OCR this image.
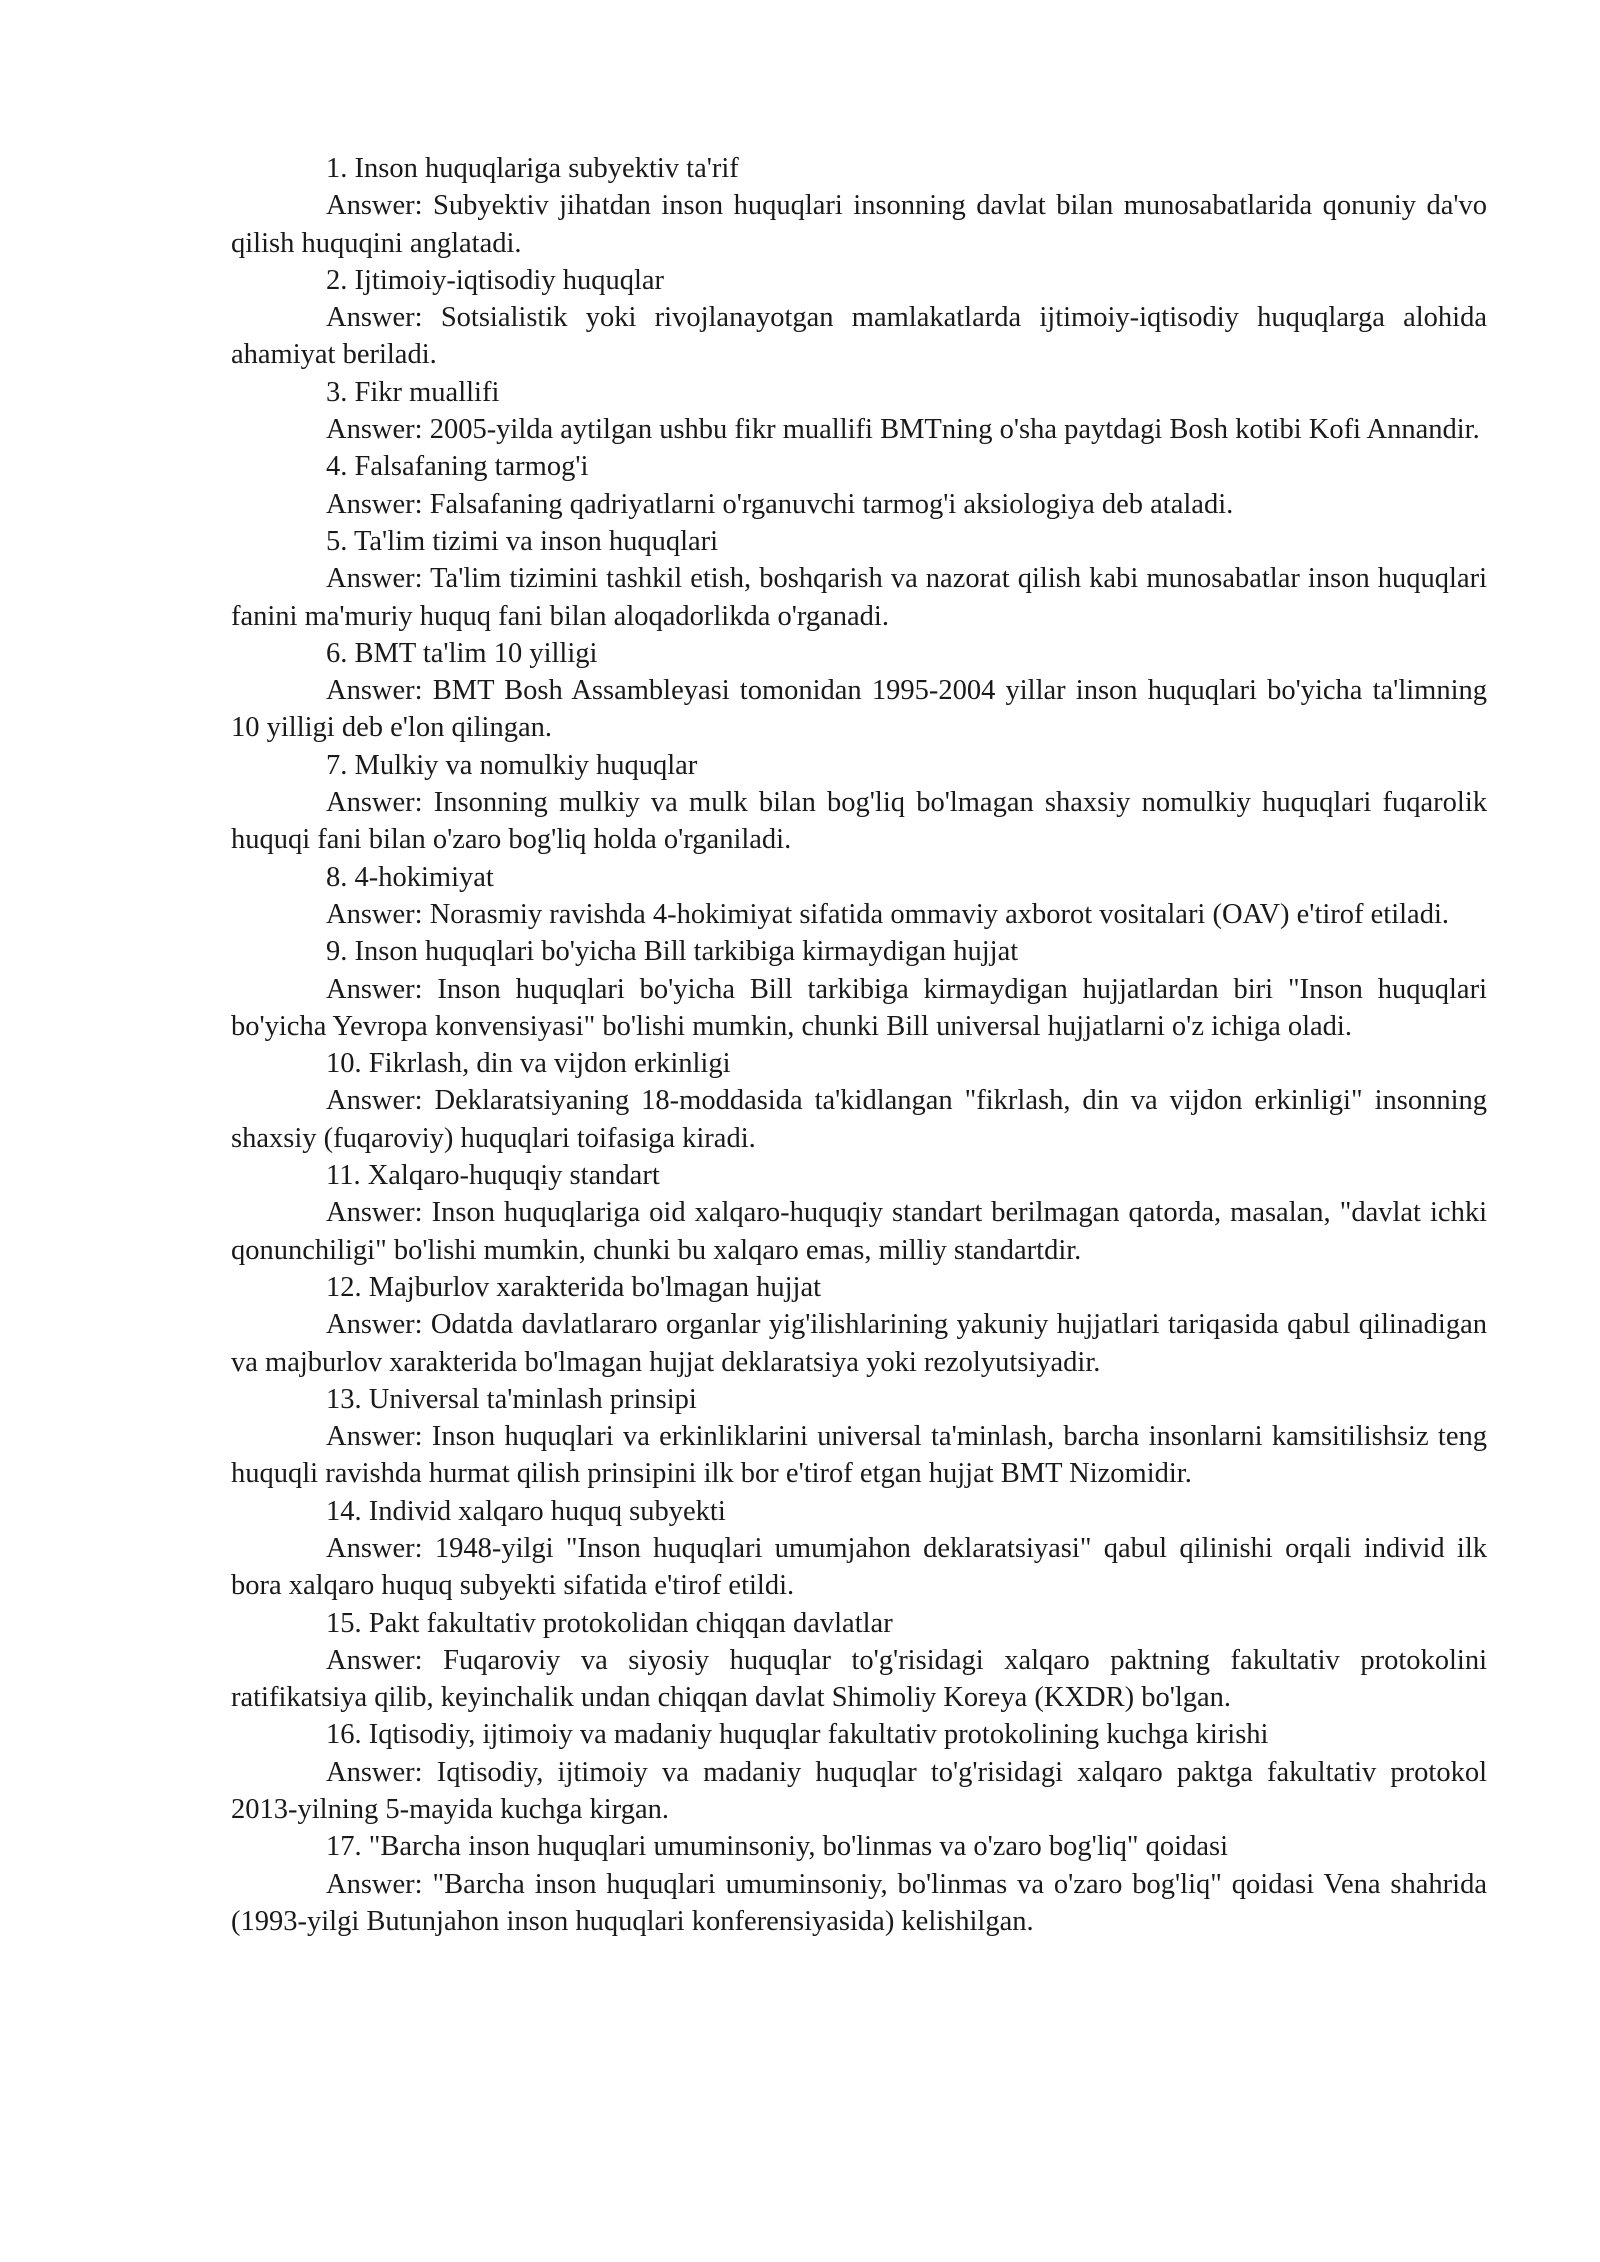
1. Inson huquqlariga subyektiv ta'rif

Answer: Subyektiv jihatdan inson huquqlari insonning davlat bilan munosabatlarida qonuniy da'vo qilish huquqini anglatadi.

2. Ijtimoiy-iqtisodiy huquqlar

Answer: Sotsialistik yoki rivojlanayotgan mamlakatlarda ijtimoiy-iqtisodiy huquqlarga alohida ahamiyat beriladi.

3. Fikr muallifi

Answer: 2005-yilda aytilgan ushbu fikr muallifi BMTning o'sha paytdagi Bosh kotibi Kofi Annandir.

4. Falsafaning tarmog'i

Answer: Falsafaning qadriyatlarni o'rganuvchi tarmog'i aksiologiya deb ataladi.

5. Ta'lim tizimi va inson huquqlari

Answer: Ta'lim tizimini tashkil etish, boshqarish va nazorat qilish kabi munosabatlar inson huquqlari fanini ma'muriy huquq fani bilan aloqadorlikda o'rganadi.

6. BMT ta'lim 10 yilligi

Answer: BMT Bosh Assambleyasi tomonidan 1995-2004 yillar inson huquqlari bo'yicha ta'limning 10 yilligi deb e'lon qilingan.

7. Mulkiy va nomulkiy huquqlar

Answer: Insonning mulkiy va mulk bilan bog'liq bo'lmagan shaxsiy nomulkiy huquqlari fuqarolik huquqi fani bilan o'zaro bog'liq holda o'rganiladi.

8. 4-hokimiyat

Answer: Norasmiy ravishda 4-hokimiyat sifatida ommaviy axborot vositalari (OAV) e'tirof etiladi.

9. Inson huquqlari bo'yicha Bill tarkibiga kirmaydigan hujjat

Answer: Inson huquqlari bo'yicha Bill tarkibiga kirmaydigan hujjatlardan biri "Inson huquqlari bo'yicha Yevropa konvensiyasi" bo'lishi mumkin, chunki Bill universal hujjatlarni o'z ichiga oladi.

10. Fikrlash, din va vijdon erkinligi

Answer: Deklaratsiyaning 18-moddasida ta'kidlangan "fikrlash, din va vijdon erkinligi" insonning shaxsiy (fuqaroviy) huquqlari toifasiga kiradi.

11. Xalqaro-huquqiy standart

Answer: Inson huquqlariga oid xalqaro-huquqiy standart berilmagan qatorda, masalan, "davlat ichki qonunchiligi" bo'lishi mumkin, chunki bu xalqaro emas, milliy standartdir.

12. Majburlov xarakterida bo'lmagan hujjat

Answer: Odatda davlatlararo organlar yig'ilishlarining yakuniy hujjatlari tariqasida qabul qilinadigan va majburlov xarakterida bo'lmagan hujjat deklaratsiya yoki rezolyutsiyadir.

13. Universal ta'minlash prinsipi

Answer: Inson huquqlari va erkinliklarini universal ta'minlash, barcha insonlarni kamsitilishsiz teng huquqli ravishda hurmat qilish prinsipini ilk bor e'tirof etgan hujjat BMT Nizomidir.

14. Individ xalqaro huquq subyekti

Answer: 1948-yilgi "Inson huquqlari umumjahon deklaratsiyasi" qabul qilinishi orqali individ ilk bora xalqaro huquq subyekti sifatida e'tirof etildi.

15. Pakt fakultativ protokolidan chiqqan davlatlar

Answer: Fuqaroviy va siyosiy huquqlar to'g'risidagi xalqaro paktning fakultativ protokolini ratifikatsiya qilib, keyinchalik undan chiqqan davlat Shimoliy Koreya (KXDR) bo'lgan.

16. Iqtisodiy, ijtimoiy va madaniy huquqlar fakultativ protokolining kuchga kirishi

Answer: Iqtisodiy, ijtimoiy va madaniy huquqlar to'g'risidagi xalqaro paktga fakultativ protokol 2013-yilning 5-mayida kuchga kirgan.

17. "Barcha inson huquqlari umuminsoniy, bo'linmas va o'zaro bog'liq" qoidasi

Answer: "Barcha inson huquqlari umuminsoniy, bo'linmas va o'zaro bog'liq" qoidasi Vena shahrida (1993-yilgi Butunjahon inson huquqlari konferensiyasida) kelishilgan.
